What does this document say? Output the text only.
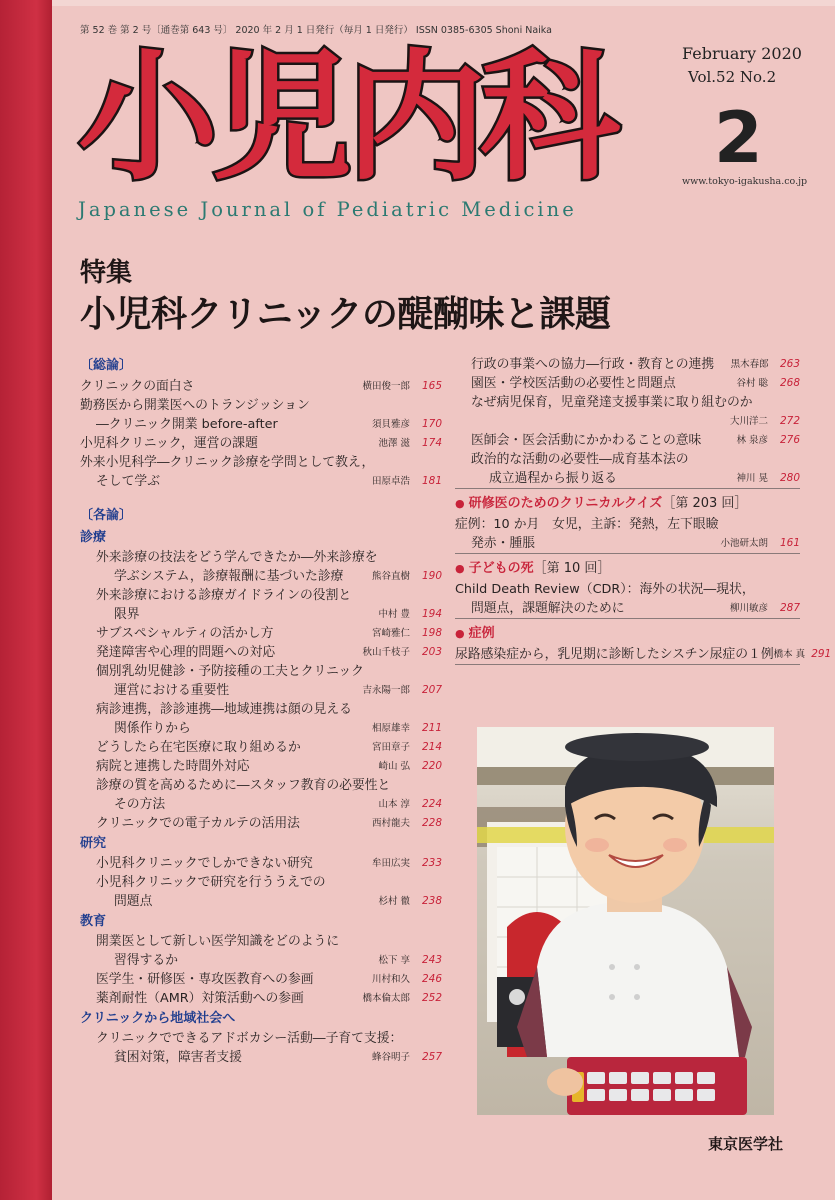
第 52 巻 第 2 号〔通巻第 643 号〕 2020 年 2 月 1 日発行（毎月 1 日発行） ISSN 0385-6305 Shoni Naika
小 児 内 科	February 2020
Vol.52 No.2
2
www.tokyo-igakusha.co.jp
Japanese Journal of Pediatric Medicine
特集
小児科クリニックの醍醐味と課題
〔総論〕
クリニックの面白さ	横田俊一郎	165
勤務医から開業医へのトランジッション
―クリニック開業 before-after	須貝雅彦	170
小児科クリニック，運営の課題	池澤 滋	174
外来小児科学―クリニック診療を学問として教え，
そして学ぶ	田原卓浩	181
〔各論〕
診療
外来診療の技法をどう学んできたか―外来診療を
学ぶシステム，診療報酬に基づいた診療	熊谷直樹	190
外来診療における診療ガイドラインの役割と
限界	中村 豊	194
サブスペシャルティの活かし方	宮崎雅仁	198
発達障害や心理的問題への対応	秋山千枝子	203
個別乳幼児健診・予防接種の工夫とクリニック
運営における重要性	吉永陽一郎	207
病診連携，診診連携―地域連携は顔の見える
関係作りから	相原雄幸	211
どうしたら在宅医療に取り組めるか	宮田章子	214
病院と連携した時間外対応	崎山 弘	220
診療の質を高めるために―スタッフ教育の必要性と
その方法	山本 淳	224
クリニックでの電子カルテの活用法	西村龍夫	228
研究
小児科クリニックでしかできない研究	牟田広実	233
小児科クリニックで研究を行ううえでの
問題点	杉村 徹	238
教育
開業医として新しい医学知識をどのように
習得するか	松下 享	243
医学生・研修医・専攻医教育への参画	川村和久	246
薬剤耐性（AMR）対策活動への参画	橋本倫太郎	252
クリニックから地域社会へ
クリニックでできるアドボカシー活動―子育て支援：
貧困対策，障害者支援	蜂谷明子	257
行政の事業への協力―行政・教育との連携	黒木春郎	263
園医・学校医活動の必要性と問題点	谷村 聡	268
なぜ病児保育，児童発達支援事業に取り組むのか
大川洋二	272
医師会・医会活動にかかわることの意味	林 泉彦	276
政治的な活動の必要性―成育基本法の
成立過程から振り返る	神川 晃	280
● 研修医のためのクリニカルクイズ［第 203 回］
症例：10 か月　女児，主訴：発熱，左下眼瞼
発赤・腫脹	小池研太朗	161
● 子どもの死［第 10 回］
Child Death Review（CDR）：海外の状況―現状，
問題点，課題解決のために	柳川敏彦	287
● 症例
尿路感染症から，乳児期に診断したシスチン尿症の１例 橋本 真 291
東京医学社
